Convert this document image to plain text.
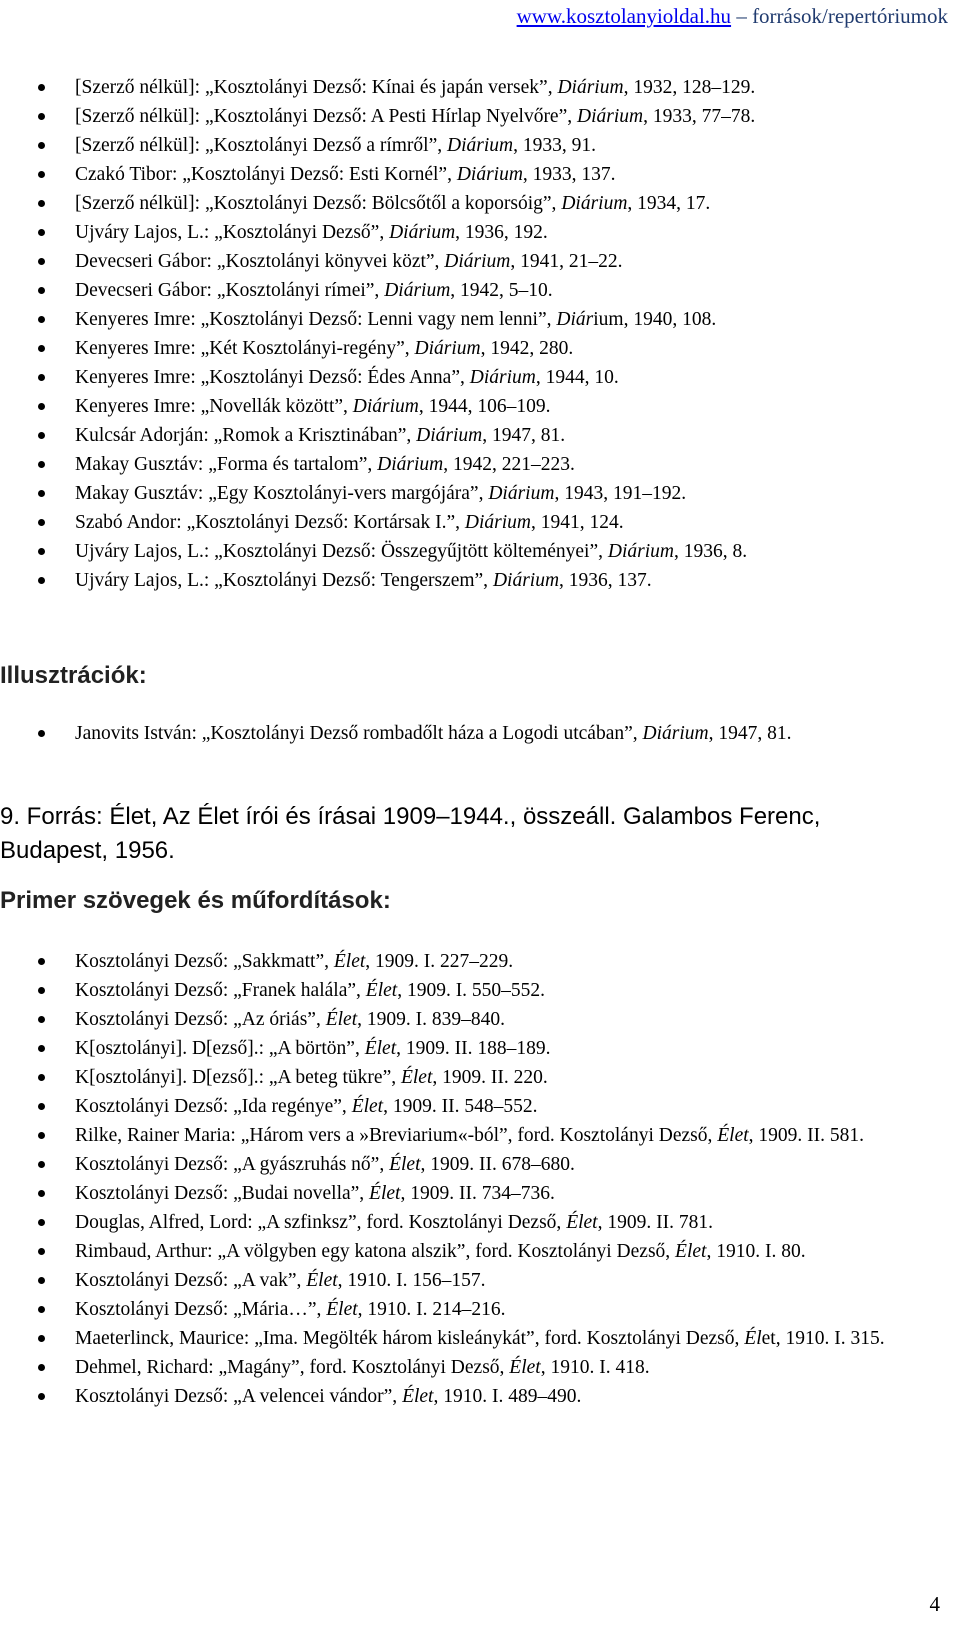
www.kosztolanyioldal.hu – források/repertóriumok
[Szerző nélkül]: „Kosztolányi Dezső: Kínai és japán versek”, Diárium, 1932, 128–129.
[Szerző nélkül]: „Kosztolányi Dezső: A Pesti Hírlap Nyelvőre”, Diárium, 1933, 77–78.
[Szerző nélkül]: „Kosztolányi Dezső a rímről”, Diárium, 1933, 91.
Czakó Tibor: „Kosztolányi Dezső: Esti Kornél”, Diárium, 1933, 137.
[Szerző nélkül]: „Kosztolányi Dezső: Bölcsőtől a koporsóig”, Diárium, 1934, 17.
Ujváry Lajos, L.: „Kosztolányi Dezső”, Diárium, 1936, 192.
Devecseri Gábor: „Kosztolányi könyvei közt”, Diárium, 1941, 21–22.
Devecseri Gábor: „Kosztolányi rímei”, Diárium, 1942, 5–10.
Kenyeres Imre: „Kosztolányi Dezső: Lenni vagy nem lenni”, Diárium, 1940, 108.
Kenyeres Imre: „Két Kosztolányi-regény”, Diárium, 1942, 280.
Kenyeres Imre: „Kosztolányi Dezső: Édes Anna”, Diárium, 1944, 10.
Kenyeres Imre: „Novellák között”, Diárium, 1944, 106–109.
Kulcsár Adorján: „Romok a Krisztinában”, Diárium, 1947, 81.
Makay Gusztáv: „Forma és tartalom”, Diárium, 1942, 221–223.
Makay Gusztáv: „Egy Kosztolányi-vers margójára”, Diárium, 1943, 191–192.
Szabó Andor: „Kosztolányi Dezső: Kortársak I.”, Diárium, 1941, 124.
Ujváry Lajos, L.: „Kosztolányi Dezső: Összegyűjtött költeményei”, Diárium, 1936, 8.
Ujváry Lajos, L.: „Kosztolányi Dezső: Tengerszem”, Diárium, 1936, 137.
Illusztrációk:
Janovits István: „Kosztolányi Dezső rombadőlt háza a Logodi utcában”, Diárium, 1947, 81.
9. Forrás: Élet, Az Élet írói és írásai 1909–1944., összeáll. Galambos Ferenc, Budapest, 1956.
Primer szövegek és műfordítások:
Kosztolányi Dezső: „Sakkmatt”, Élet, 1909. I. 227–229.
Kosztolányi Dezső: „Franek halála”, Élet, 1909. I. 550–552.
Kosztolányi Dezső: „Az óriás”, Élet, 1909. I. 839–840.
K[osztolányi]. D[ezső].: „A börtön”, Élet, 1909. II. 188–189.
K[osztolányi]. D[ezső].: „A beteg tükre”, Élet, 1909. II. 220.
Kosztolányi Dezső: „Ida regénye”, Élet, 1909. II. 548–552.
Rilke, Rainer Maria: „Három vers a »Breviarium«-ból”, ford. Kosztolányi Dezső, Élet, 1909. II. 581.
Kosztolányi Dezső: „A gyászruhás nő”, Élet, 1909. II. 678–680.
Kosztolányi Dezső: „Budai novella”, Élet, 1909. II. 734–736.
Douglas, Alfred, Lord: „A szfinksz”, ford. Kosztolányi Dezső, Élet, 1909. II. 781.
Rimbaud, Arthur: „A völgyben egy katona alszik”, ford. Kosztolányi Dezső, Élet, 1910. I. 80.
Kosztolányi Dezső: „A vak”, Élet, 1910. I. 156–157.
Kosztolányi Dezső: „Mária…”, Élet, 1910. I. 214–216.
Maeterlinck, Maurice: „Ima. Megölték három kisleánykát”, ford. Kosztolányi Dezső, Élet, 1910. I. 315.
Dehmel, Richard: „Magány”, ford. Kosztolányi Dezső, Élet, 1910. I. 418.
Kosztolányi Dezső: „A velencei vándor”, Élet, 1910. I. 489–490.
4
